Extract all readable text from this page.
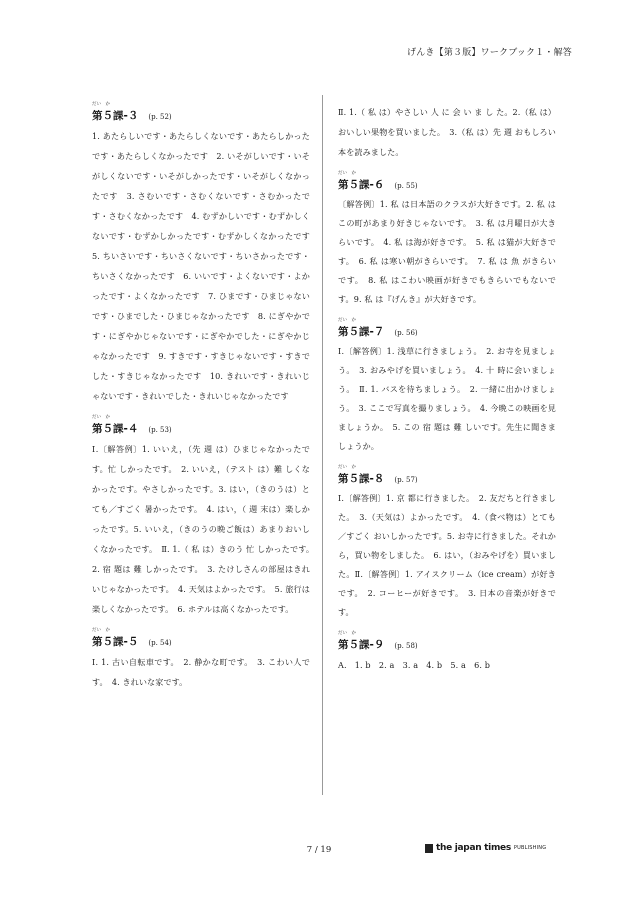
げんき【第３版】ワークブック１・解答
だい　か
第５課-３ (p. 52)

1. あたらしいです・あたらしくないです・あたらしかったです・あたらしくなかったです　2. いそがしいです・いそがしくないです・いそがしかったです・いそがしくなかったです　3. さむいです・さむくないです・さむかったです・さむくなかったです　4. むずかしいです・むずかしくないです・むずかしかったです・むずかしくなかったです　5. ちいさいです・ちいさくないです・ちいさかったです・ちいさくなかったです　6. いいです・よくないです・よかったです・よくなかったです　7. ひまです・ひまじゃないです・ひまでした・ひまじゃなかったです　8. にぎやかです・にぎやかじゃないです・にぎやかでした・にぎやかじゃなかったです　9. すきです・すきじゃないです・すきでした・すきじゃなかったです　10. きれいです・きれいじゃないです・きれいでした・きれいじゃなかったです

だい　か
第５課-４ (p. 53)

Ⅰ.〔解答例〕1. いいえ，（先 週 は）ひまじゃなかったです。忙 しかったです。　2. いいえ，（テスト は）難 しくなかったです。やさしかったです。3. はい，（きのうは）とても／すごく 暑かったです。　4. はい，（ 週 末は）楽しかったです。5. いいえ，（きのうの晩ご飯は）あまりおいしくなかったです。　Ⅱ. 1.（ 私 は）きのう 忙 しかったです。　2. 宿 題は 難 しかったです。　3. たけしさんの部屋はきれいじゃなかったです。　4. 天気はよかったです。　5. 旅行は楽しくなかったです。　6. ホテルは高くなかったです。

だい　か
第５課-５ (p. 54)

Ⅰ. 1. 古い自転車です。　2. 静かな町です。　3. こわい人です。　4. きれいな家です。

Ⅱ. 1.（ 私 は）やさしい 人 に 会 い ま し た。2.（私 は）おいしい果物を買いました。　3.（私 は）先 週 おもしろい本を読みました。

だい　か
第５課-６ (p. 55)

〔解答例〕1. 私 は日本語のクラスが大好きです。2. 私 はこの町があまり好きじゃないです。　3. 私 は月曜日が大きらいです。　4. 私 は海が好きです。　5. 私 は猫が大好きです。　6. 私 は寒い朝がきらいです。　7. 私 は 魚 がきらいです。　8. 私 はこわい映画が好きでもきらいでもないです。9. 私 は『げんき』が大好きです。

だい　か
第５課-７ (p. 56)

Ⅰ.〔解答例〕1. 浅草に行きましょう。　2. お寺を見ましょう。　3. おみやげを買いましょう。　4. 十 時に会いましょう。　Ⅱ. 1. バスを待ちましょう。　2. 一緒に出かけましょう。　3. ここで写真を撮りましょう。　4. 今晩この映画を見ましょうか。　5. この 宿 題は 難 しいです。先生に聞きましょうか。

だい　か
第５課-８ (p. 57)

Ⅰ.〔解答例〕1. 京 都に行きました。　2. 友だちと行きました。　3.（天気は）よかったです。　4.（食べ物は）とても／すごく おいしかったです。5. お寺に行きました。それから，買い物をしました。　6. はい，（おみやげを）買いました。Ⅱ.〔解答例〕1. アイスクリーム（ice cream）が好きです。　2. コーヒーが好きです。　3. 日本の音楽が好きです。

だい　か
第５課-９ (p. 58)

A.　1. b　2. a　3. a　4. b　5. a　6. b

7 / 19	the japan times PUBLISHING
